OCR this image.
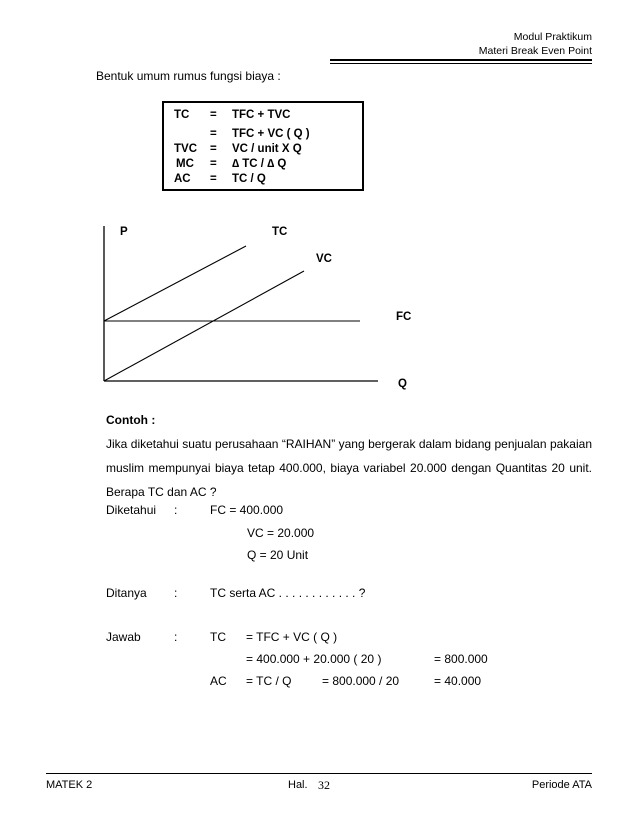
Modul Praktikum
Materi Break Even Point
Bentuk umum rumus fungsi biaya :
TC = TFC + TVC
= TFC + VC ( Q )
TVC = VC / unit X Q
MC = ∆ TC / ∆ Q
AC = TC / Q
P	TC
VC
FC
Q
Contoh :
Jika diketahui suatu perusahaan “RAIHAN” yang bergerak dalam bidang penjualan pakaian
muslim mempunyai biaya tetap 400.000, biaya variabel 20.000 dengan Quantitas 20 unit.
Berapa TC dan AC ?
Diketahui :	FC = 400.000
VC = 20.000
Q = 20 Unit
Ditanya :	TC serta AC . . . . . . . . . . . . ?
Jawab	:	TC = TFC + VC ( Q )
= 400.000 + 20.000 ( 20 )	= 800.000
AC = TC / Q	= 800.000 / 20	= 40.000
MATEK 2	Hal. 32	Periode ATA
